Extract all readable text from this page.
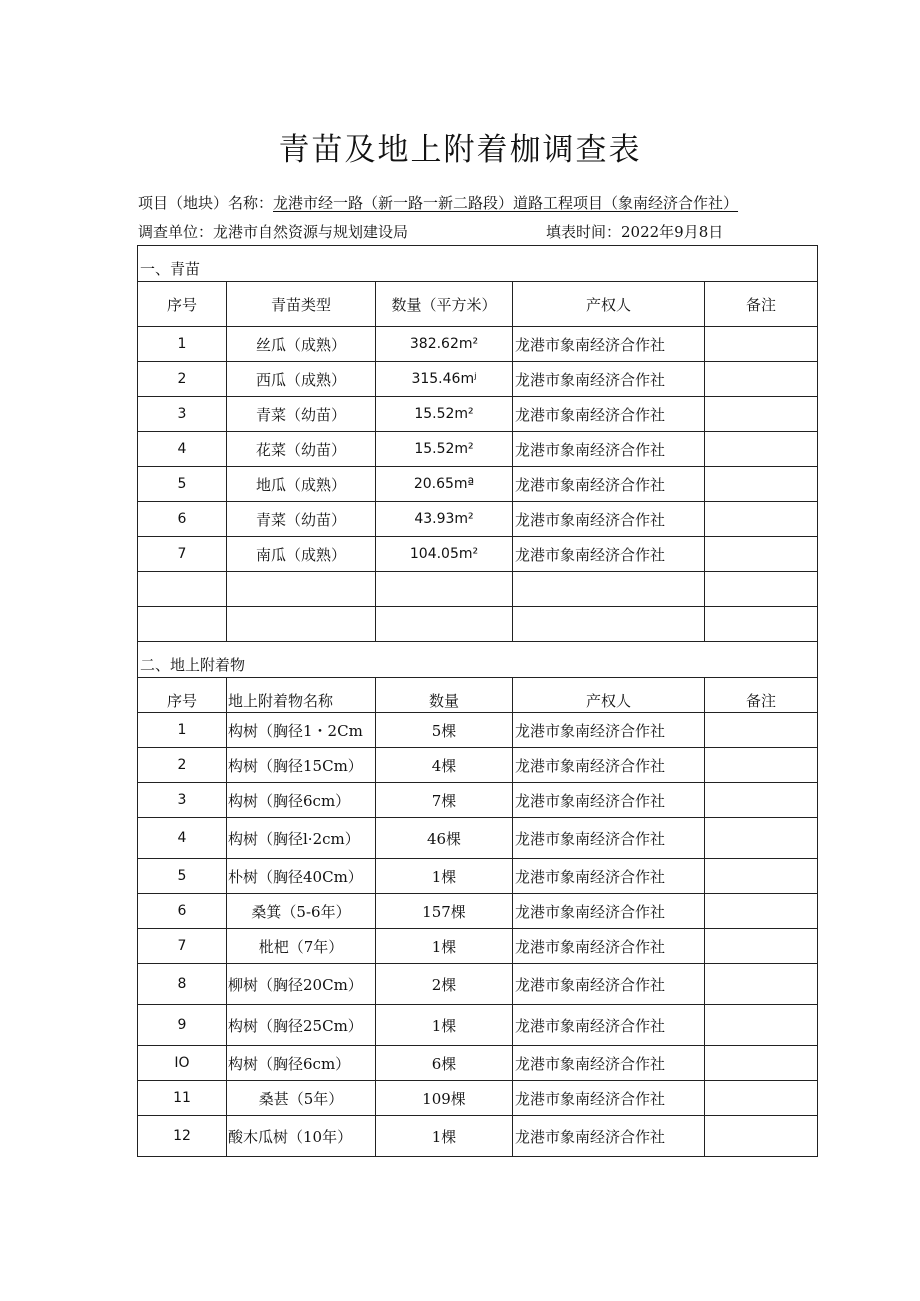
青苗及地上附着枷调查表
项目（地块）名称：龙港市经一路（新一路一新二路段）道路工程项目（象南经济合作社）
调查单位：龙港市自然资源与规划建设局	填表时间：2022年9月8日
一、青苗				
序号	青苗类型	数量（平方米）	产权人	备注
1	丝瓜（成熟）	382.62m²	龙港市象南经济合作社	
2	西瓜（成熟）	315.46mʲ	龙港市象南经济合作社	
3	青菜（幼苗）	15.52m²	龙港市象南经济合作社	
4	花菜（幼苗）	15.52m²	龙港市象南经济合作社	
5	地瓜（成熟）	20.65mª	龙港市象南经济合作社	
6	青菜（幼苗）	43.93m²	龙港市象南经济合作社	
7	南瓜（成熟）	104.05m²	龙港市象南经济合作社	

二、地上附着物				
序号	地上附着物名称	数量	产权人	备注
1	构树（胸径1・2Cm	5棵	龙港市象南经济合作社	
2	构树（胸径15Cm）	4棵	龙港市象南经济合作社	
3	构树（胸径6cm）	7棵	龙港市象南经济合作社	
4	构树（胸径l·2cm）	46棵	龙港市象南经济合作社	
5	朴树（胸径40Cm）	1棵	龙港市象南经济合作社	
6	桑箕（5-6年）	157棵	龙港市象南经济合作社	
7	枇杷（7年）	1棵	龙港市象南经济合作社	
8	柳树（胸径20Cm）	2棵	龙港市象南经济合作社	
9	构树（胸径25Cm）	1棵	龙港市象南经济合作社	
IO	构树（胸径6cm）	6棵	龙港市象南经济合作社	
11	桑甚（5年）	109棵	龙港市象南经济合作社	
12	酸木瓜树（10年）	1棵	龙港市象南经济合作社	
